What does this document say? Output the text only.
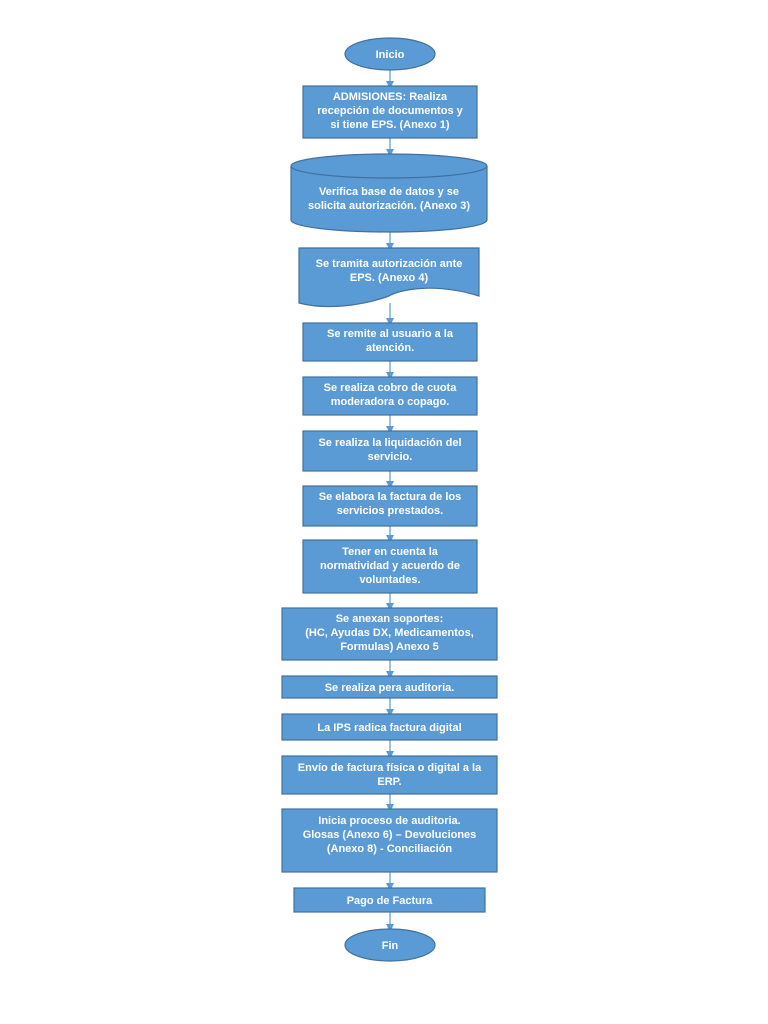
Inicio
ADMISIONES: Realiza
recepción de documentos y
si tiene EPS. (Anexo 1)
Verifica base de datos y se
solicita autorización. (Anexo 3)
Se tramita autorización ante
EPS. (Anexo 4)
Se remite al usuario a la
atención.
Se realiza cobro de cuota
moderadora o copago.
Se realiza la liquidación del
servicio.
Se elabora la factura de los
servicios prestados.
Tener en cuenta la
normatividad y acuerdo de
voluntades.
Se anexan soportes:
(HC, Ayudas DX, Medicamentos,
Formulas) Anexo 5
Se realiza pera auditoria.
La IPS radica factura digital
Envío de factura física o digital a la
ERP.
Inicia proceso de auditoria.
Glosas (Anexo 6) – Devoluciones
(Anexo 8) - Conciliación
Pago de Factura
Fin
